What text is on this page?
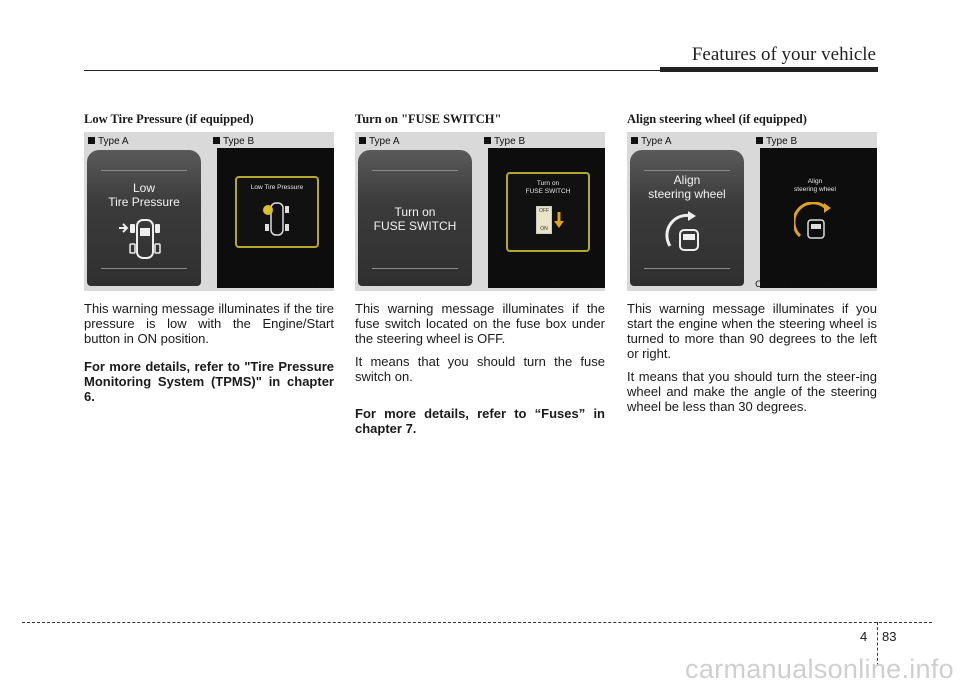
Features of your vehicle
Low Tire Pressure (if equipped)
Type A
Low
Tire Pressure
Type B
Low Tire Pressure
OHG045246L

This warning message illuminates if the tire pressure is low with the Engine/Start button in ON position.

For more details, refer to "Tire Pressure Monitoring System (TPMS)" in chapter 6.

Turn on "FUSE SWITCH"
Type A
Turn on
FUSE SWITCH
Type B
Turn on
FUSE SWITCH
OFF
ON
OHG045319L

This warning message illuminates if the fuse switch located on the fuse box under the steering wheel is OFF.

It means that you should turn the fuse switch on.

For more details, refer to “Fuses” in chapter 7.

Align steering wheel (if equipped)
Type A
Align
steering wheel
Type B
Align
steering wheel
OHG045332L/OHG045244L

This warning message illuminates if you start the engine when the steering wheel is turned to more than 90 degrees to the left or right.

It means that you should turn the steer-ing wheel and make the angle of the steering wheel be less than 30 degrees.

4 83
carmanualsonline.info
